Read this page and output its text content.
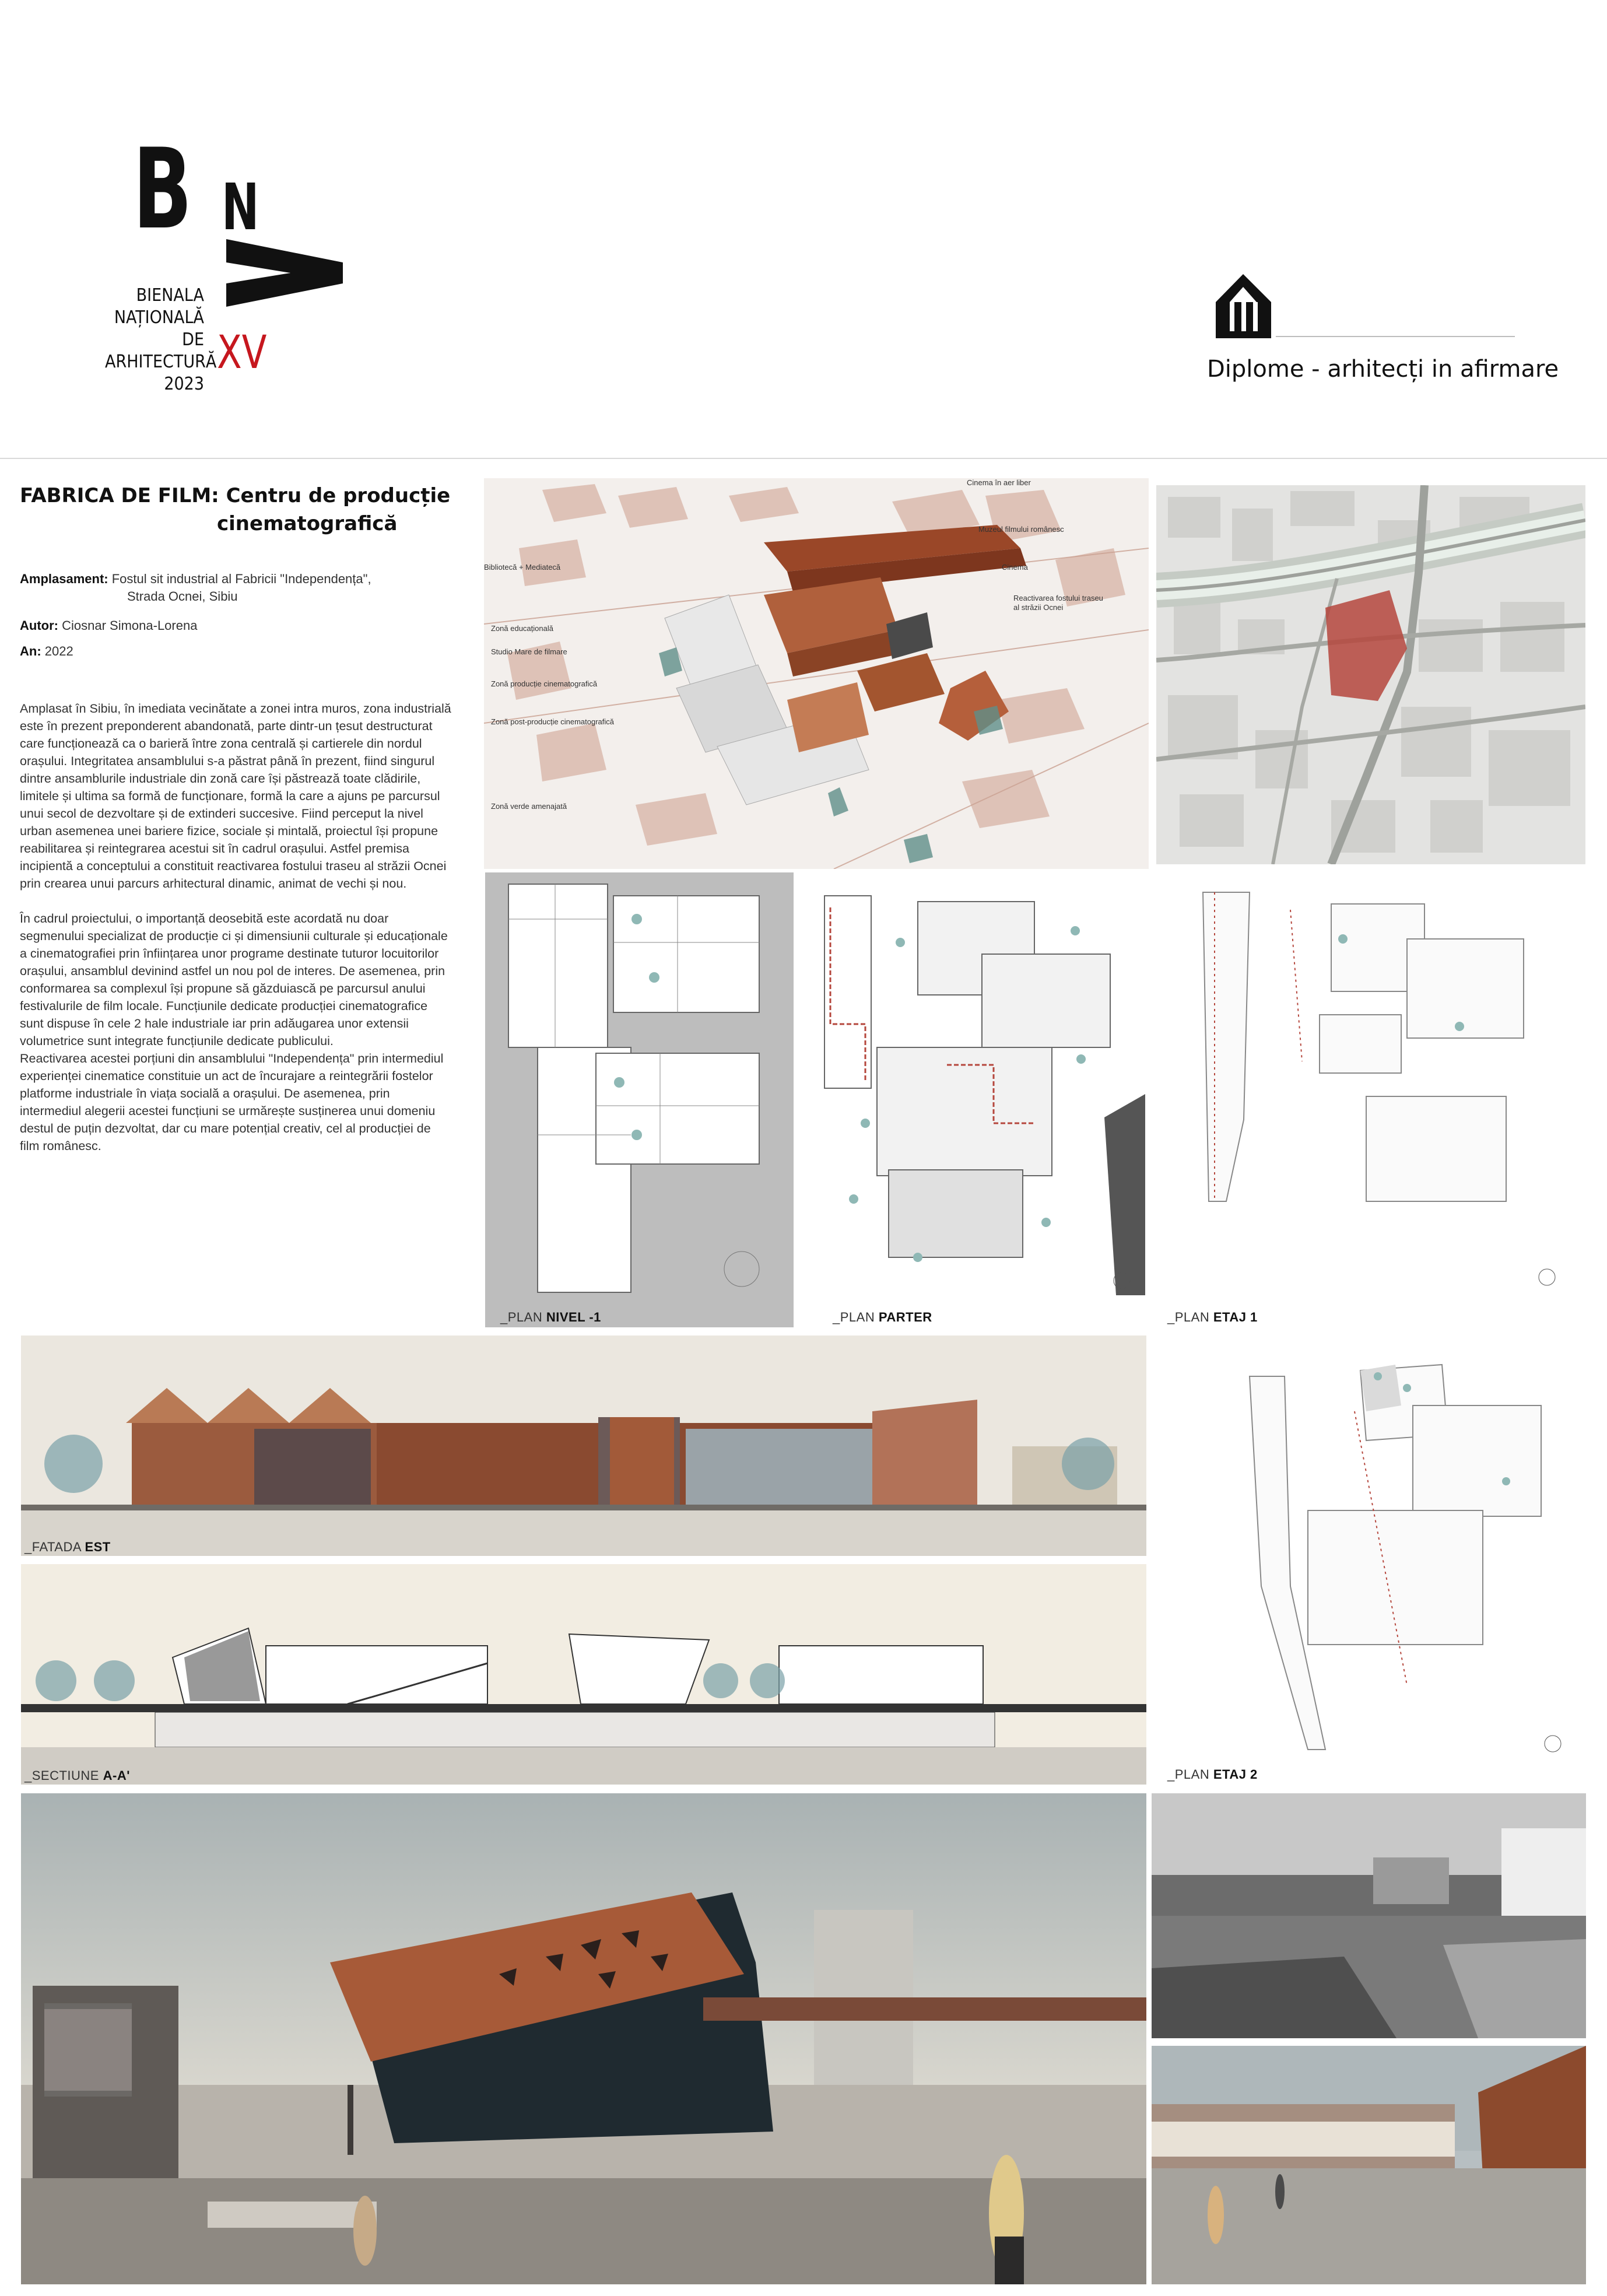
B N
BIENALA
NAȚIONALĂ
DE
ARHITECTURĂ
2023
XV	Diplome - arhitecți in afirmare
FABRICA DE FILM: Centru de producție
cinematografică
Amplasament: Fostul sit industrial al Fabricii "Independența",
Strada Ocnei, Sibiu
Autor: Ciosnar Simona-Lorena
An: 2022

Amplasat în Sibiu, în imediata vecinătate a zonei intra muros, zona industrială este în prezent preponderent abandonată, parte dintr-un țesut destructurat care funcționează ca o barieră între zona centrală și cartierele din nordul orașului. Integritatea ansamblului s-a păstrat până în prezent, fiind singurul dintre ansamblurile industriale din zonă care își păstrează toate clădirile, limitele și ultima sa formă de funcționare, formă la care a ajuns pe parcursul unui secol de dezvoltare și de extinderi succesive. Fiind perceput la nivel urban asemenea unei bariere fizice, sociale și mintală, proiectul își propune reabilitarea și reintegrarea acestui sit în cadrul orașului. Astfel premisa incipientă a conceptului a constituit reactivarea fostului traseu al străzii Ocnei prin crearea unui parcurs arhitectural dinamic, animat de vechi și nou.

În cadrul proiectului, o importanță deosebită este acordată nu doar segmenului specializat de producție ci și dimensiunii culturale și educaționale a cinematografiei prin înființarea unor programe destinate tuturor locuitorilor orașului, ansamblul devinind astfel un nou pol de interes. De asemenea, prin conformarea sa complexul își propune să găzduiască pe parcursul anului festivalurile de film locale. Funcțiunile dedicate producției cinematografice sunt dispuse în cele 2 hale industriale iar prin adăugarea unor extensii volumetrice sunt integrate funcțiunile dedicate publicului.

Reactivarea acestei porțiuni din ansamblului "Independența" prin intermediul experienței cinematice constituie un act de încurajare a reintegrării fostelor platforme industriale în viața socială a orașului. De asemenea, prin intermediul alegerii acestei funcțiuni se urmărește susținerea unui domeniu destul de puțin dezvoltat, dar cu mare potențial creativ, cel al producției de film românesc.

Bibliotecă + Mediatecă
Zonă educațională
Studio Mare de filmare
Zonă producție cinematografică
Zonă post-producție cinematografică
Zonă verde amenajată
Cinema în aer liber
Muzeul filmului românesc
Cinema
Reactivarea fostului traseu al străzii Ocnei
_PLAN NIVEL -1	_PLAN PARTER	_PLAN ETAJ 1
_FATADA EST
_SECTIUNE A-A'	_PLAN ETAJ 2
